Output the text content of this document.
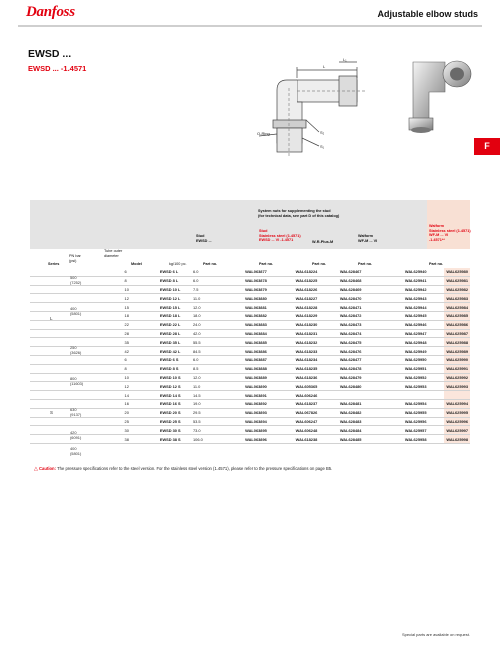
Danfoss	Adjustable elbow studs
EWSD ...
EWSD ... -1.4571
F
L₁
L
O-Ring	S₂
S₁
System nuts for supplementing the stud
(for technical data, see part D of this catalog)
Stud
EWSD ...
Stud
Stainless steel (1.4571)
EWSD ... VI -1.4571	W-R-Plus-M
Walform
WF-M ... VI
Walform
Stainless steel (1.4571)
WF-M ... VI
-1.4571**
Series
PN bar (psi)
Tube outer diameter
Model	kg/100 pc.	Part no.	Part no.	Part no.	Part no.	Part no.
		6	EWSD 6 L	6.0	WAL063877	WAL618224	WAL628467	WAL625940	WAL625980
		8	EWSD 8 L	6.0	WAL063878	WAL618225	WAL628468	WAL625941	WAL625981
		10	EWSD 10 L	7.5	WAL063879	WAL618226	WAL628469	WAL625942	WAL625982
		12	EWSD 12 L	11.0	WAL063880	WAL618227	WAL628470	WAL625943	WAL625983
		15	EWSD 15 L	12.0	WAL063881	WAL618228	WAL628471	WAL625944	WAL625984
		18	EWSD 18 L	18.0	WAL063882	WAL618229	WAL628472	WAL625945	WAL625985
		22	EWSD 22 L	24.0	WAL063883	WAL618230	WAL628473	WAL625946	WAL625986
		28	EWSD 28 L	42.0	WAL063884	WAL618231	WAL628474	WAL625947	WAL625987
		35	EWSD 35 L	55.5	WAL063885	WAL618232	WAL628475	WAL625948	WAL625988
		42	EWSD 42 L	84.5	WAL063886	WAL618233	WAL628476	WAL625949	WAL625989
		6	EWSD 6 S	6.0	WAL063887	WAL618234	WAL628477	WAL625950	WAL625990
		8	EWSD 8 S	8.5	WAL063888	WAL618235	WAL628478	WAL625951	WAL625991
		10	EWSD 10 S	12.0	WAL063889	WAL618236	WAL628479	WAL625952	WAL625992
		12	EWSD 12 S	11.0	WAL063890	WAL605365	WAL628480	WAL625953	WAL625993
		14	EWSD 14 S	14.5	WAL063891	WAL606246			
		16	EWSD 16 S	19.0	WAL063892	WAL618237	WAL628481	WAL625954	WAL625994
		20	EWSD 20 S	29.5	WAL063893	WAL067826	WAL628482	WAL625955	WAL625995
		25	EWSD 25 S	53.5	WAL063894	WAL606247	WAL628483	WAL625956	WAL625996
		30	EWSD 30 S	73.0	WAL063895	WAL606248	WAL628484	WAL625957	WAL625997
		38	EWSD 38 S	106.0	WAL063896	WAL618238	WAL628485	WAL625958	WAL625998
L
S
500
(7252)
400
(5801)
250
(3626)
800
(11603)
630
(9137)
420
(6091)
400
(5801)
△ Caution: The pressure specifications refer to the steel version. For the stainless steel version (1.4571), please refer to the pressure specifications on page B5.
Special parts are available on request.
